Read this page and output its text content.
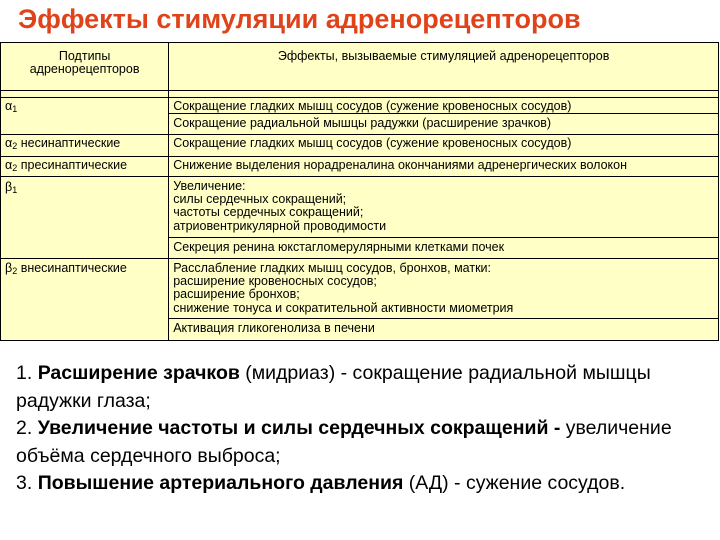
Эффекты стимуляции адренорецепторов
Подтипы адренорецепторов	Эффекты, вызываемые стимуляцией адренорецепторов

$\alpha_1$	Сокращение гладких мышц сосудов (сужение кровеносных сосудов)
	Сокращение радиальной мышцы радужки (расширение зрачков)
$\alpha_2$ несинаптические	Сокращение гладких мышц сосудов (сужение кровеносных сосудов)
$\alpha_2$ пресинаптические	Снижение выделения норадреналина окончаниями адренергических волокон

$\beta_1$	Увеличение:
силы сердечных сокращений;
частоты сердечных сокращений;
атриовентрикулярной проводимости

	Секреция ренина юкстагломерулярными клетками почек
$\beta_2$ внесинаптические	Расслабление гладких мышц сосудов, бронхов, матки:
расширение кровеносных сосудов;
расширение бронхов;
снижение тонуса и сократительной активности миометрия

	Активация гликогенолиза в печени

1. Расширение зрачков (мидриаз) - сокращение радиальной мышцы радужки глаза;

2. Увеличение частоты и силы сердечных сокращений - увеличение объёма сердечного выброса;

3. Повышение артериального давления (АД) - сужение сосудов.
